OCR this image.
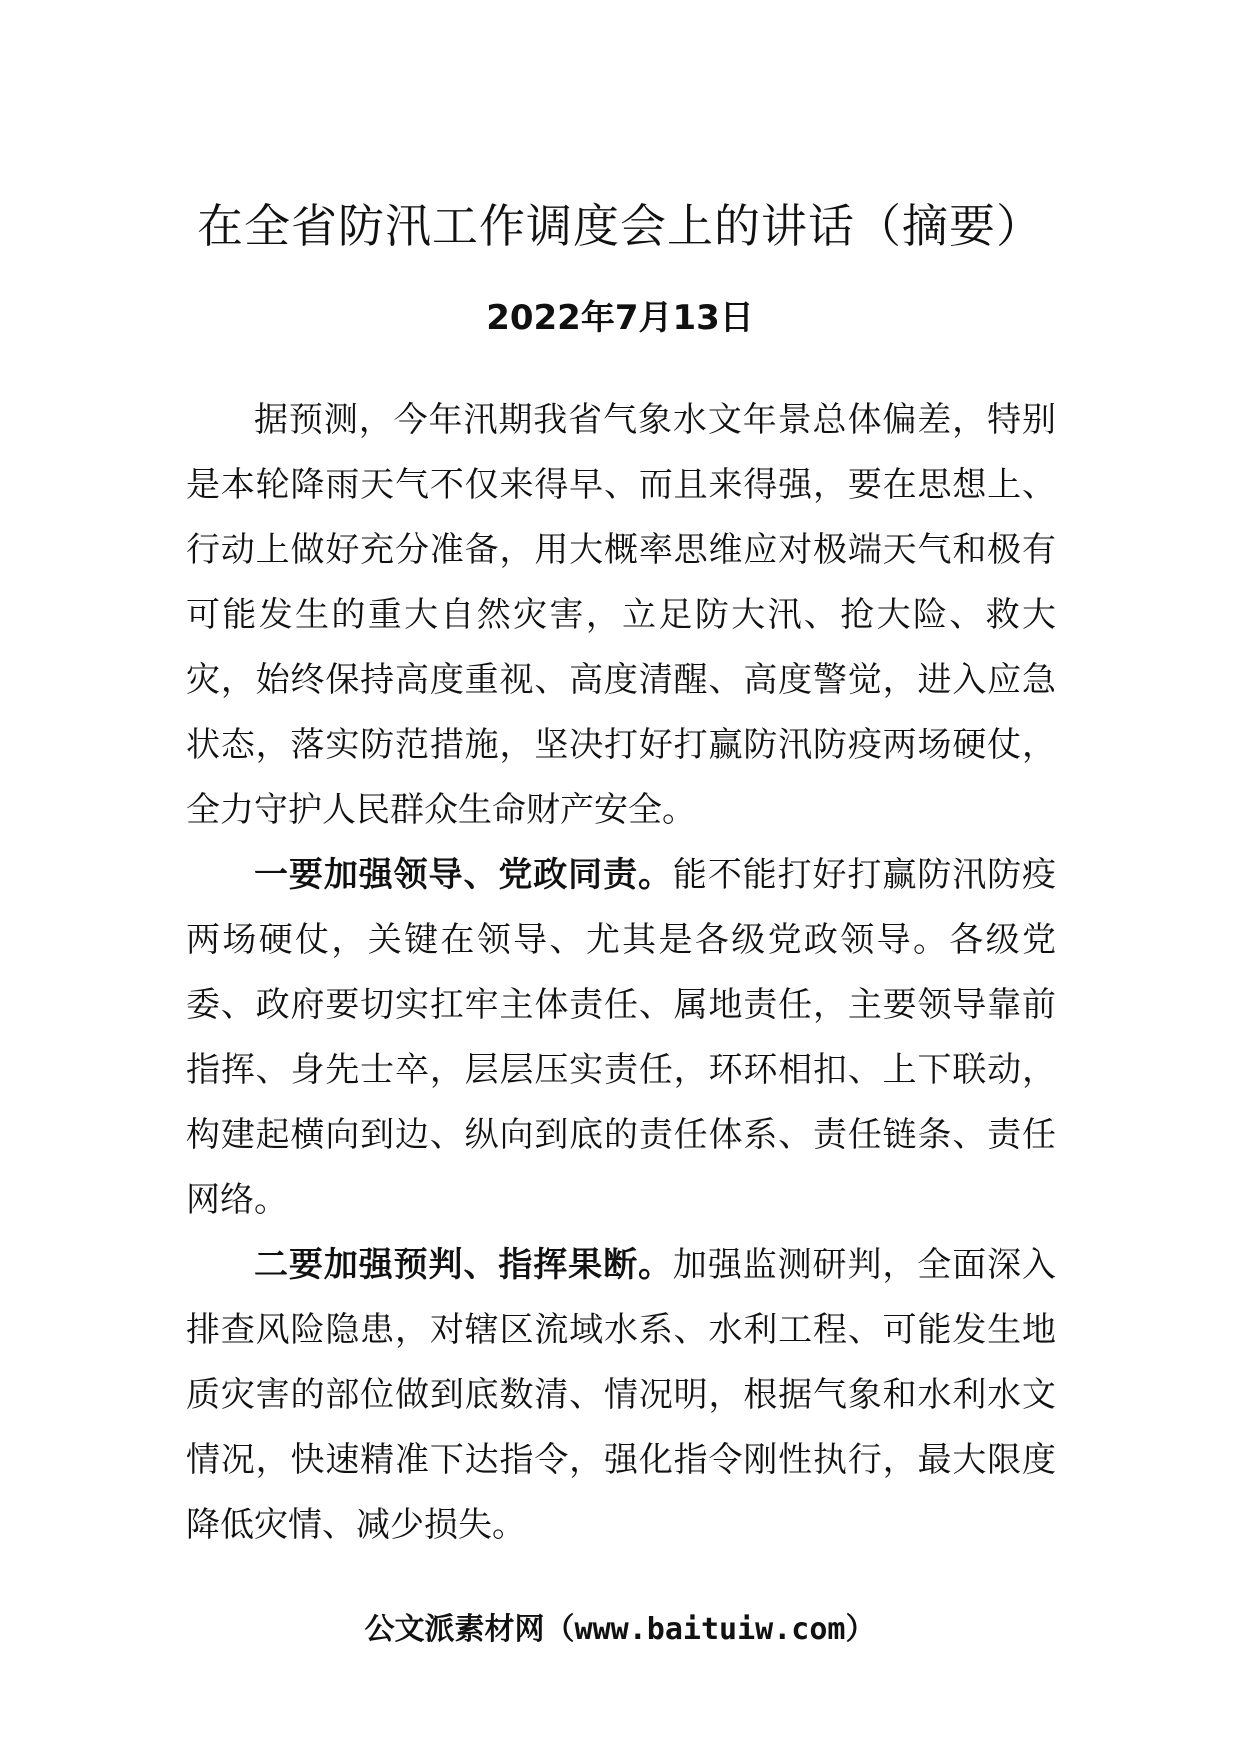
在全省防汛工作调度会上的讲话（摘要）
2022年7月13日

据预测，今年汛期我省气象水文年景总体偏差，特别是本轮降雨天气不仅来得早、而且来得强，要在思想上、行动上做好充分准备，用大概率思维应对极端天气和极有可能发生的重大自然灾害，立足防大汛、抢大险、救大灾，始终保持高度重视、高度清醒、高度警觉，进入应急状态，落实防范措施，坚决打好打赢防汛防疫两场硬仗，全力守护人民群众生命财产安全。

一要加强领导、党政同责。能不能打好打赢防汛防疫两场硬仗，关键在领导、尤其是各级党政领导。各级党委、政府要切实扛牢主体责任、属地责任，主要领导靠前指挥、身先士卒，层层压实责任，环环相扣、上下联动，构建起横向到边、纵向到底的责任体系、责任链条、责任网络。

二要加强预判、指挥果断。加强监测研判，全面深入排查风险隐患，对辖区流域水系、水利工程、可能发生地质灾害的部位做到底数清、情况明，根据气象和水利水文情况，快速精准下达指令，强化指令刚性执行，最大限度降低灾情、减少损失。

公文派素材网（www.baituiw.com）
